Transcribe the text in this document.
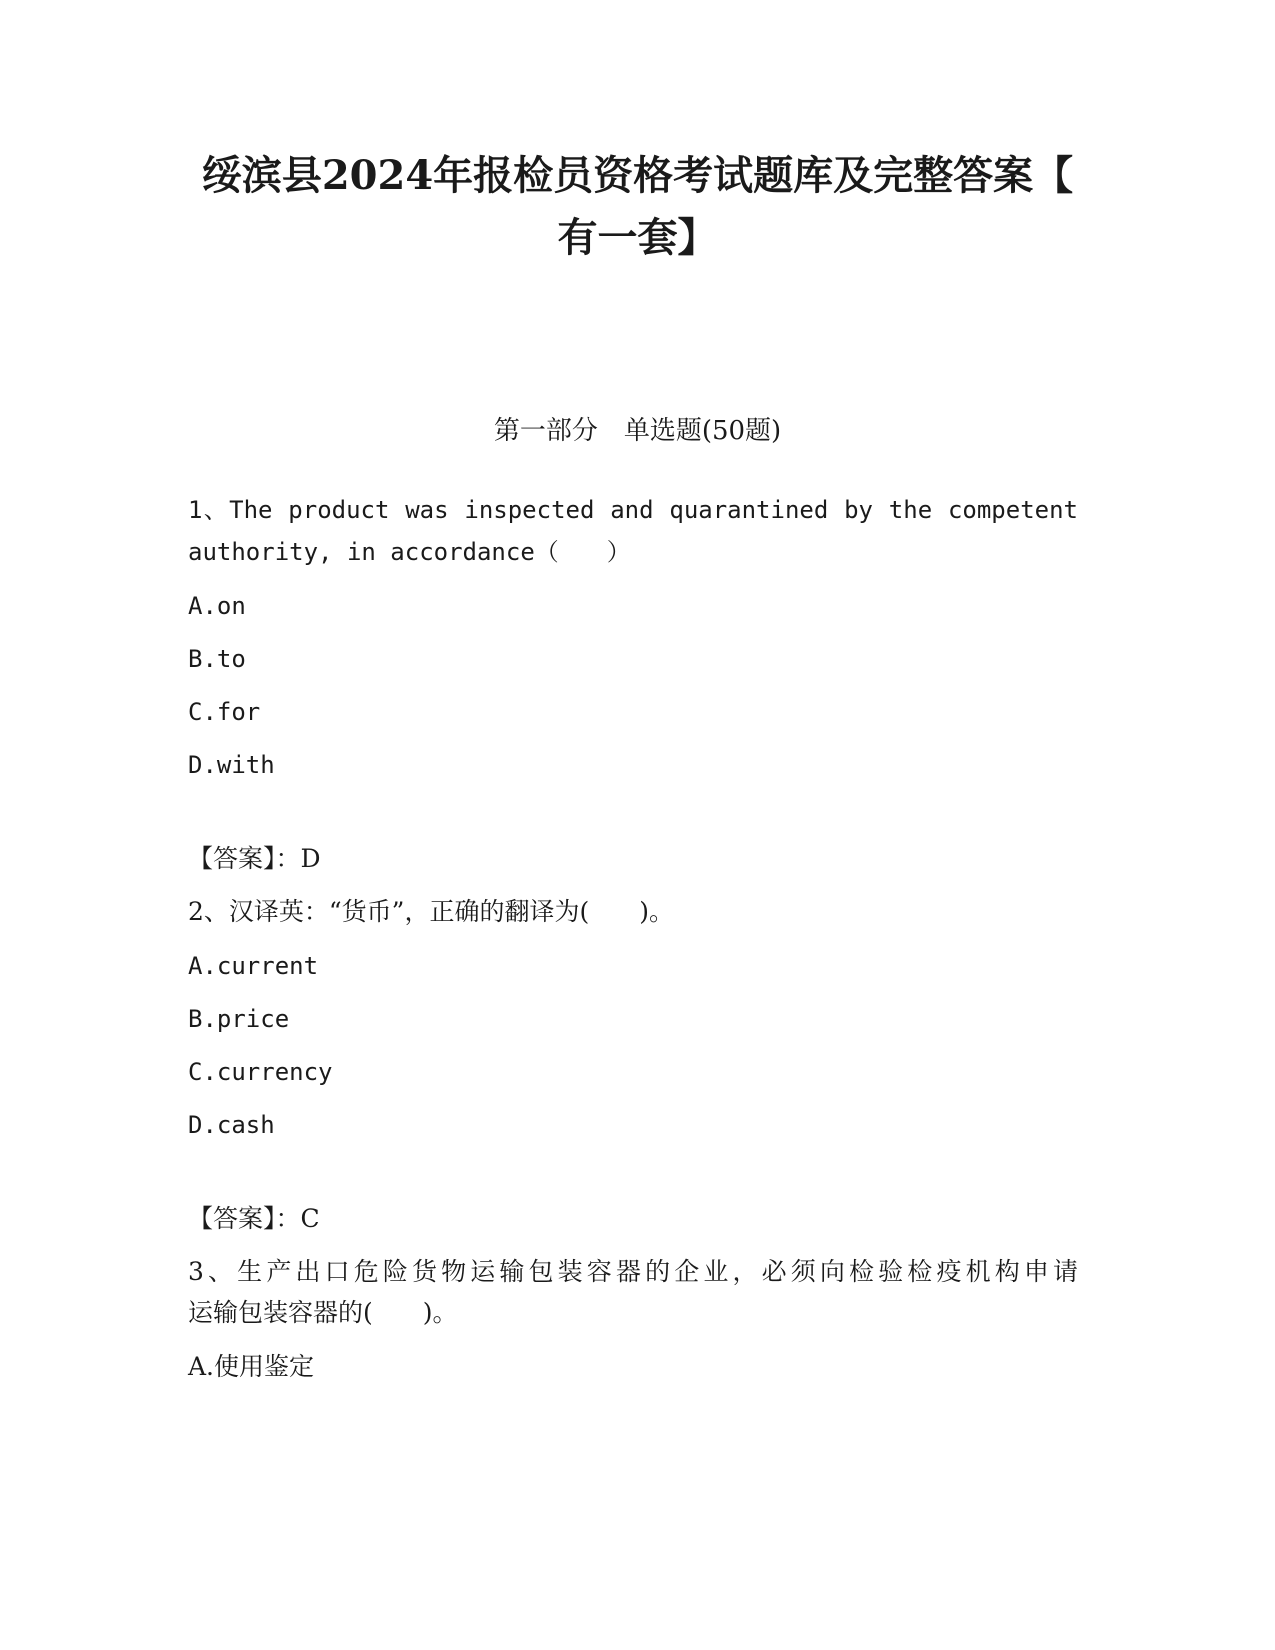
绥滨县2024年报检员资格考试题库及完整答案【
有一套】
第一部分　单选题(50题)
1、The product was inspected and quarantined by the competent
authority, in accordance（　　）
A.on
B.to
C.for
D.with
【答案】：D
2、汉译英：“货币”，正确的翻译为(　　)。
A.current
B.price
C.currency
D.cash
【答案】：C
3、生产出口危险货物运输包装容器的企业，必须向检验检疫机构申请
运输包装容器的(　　)。
A.使用鉴定
